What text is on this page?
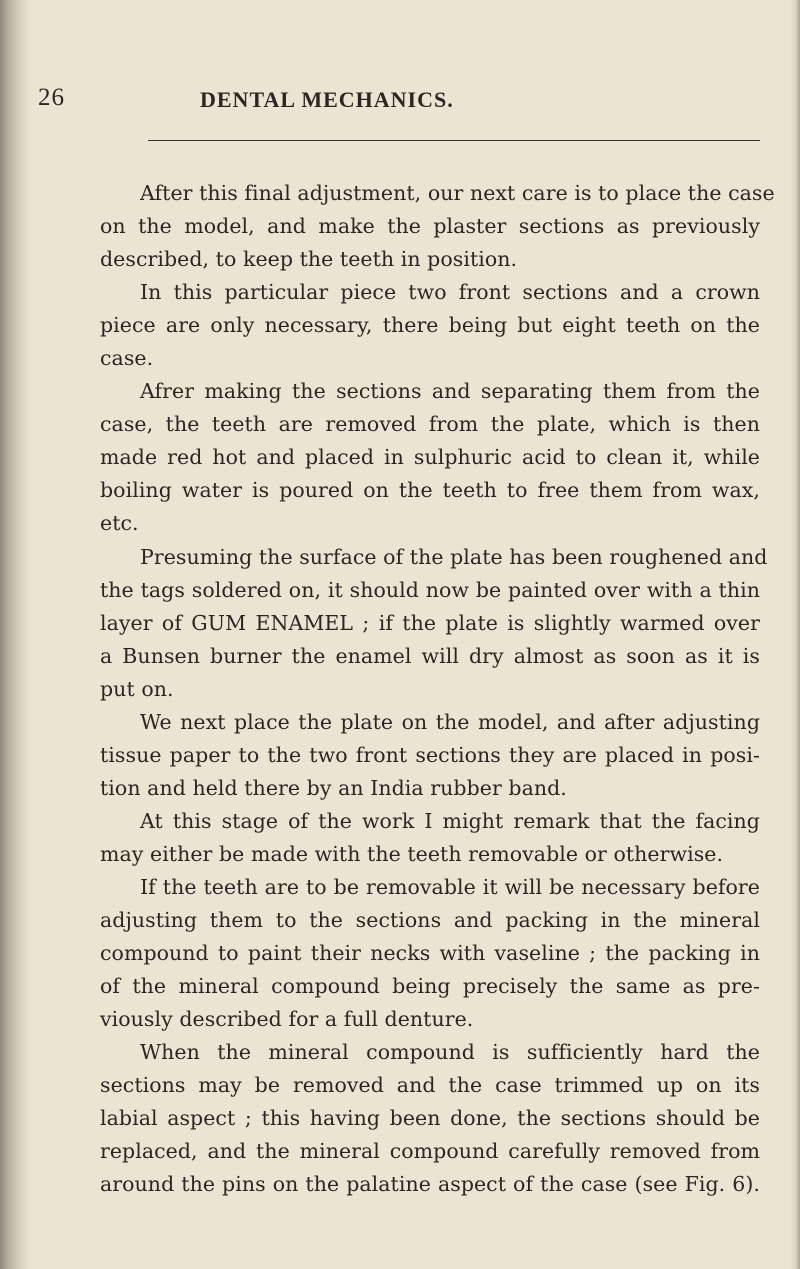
26	DENTAL MECHANICS.
After this final adjustment, our next care is to place the case
on the model, and make the plaster sections as previously
described, to keep the teeth in position.
In this particular piece two front sections and a crown
piece are only necessary, there being but eight teeth on the
case.
Afrer making the sections and separating them from the
case, the teeth are removed from the plate, which is then
made red hot and placed in sulphuric acid to clean it, while
boiling water is poured on the teeth to free them from wax,
etc.
Presuming the surface of the plate has been roughened and
the tags soldered on, it should now be painted over with a thin
layer of GUM ENAMEL ; if the plate is slightly warmed over
a Bunsen burner the enamel will dry almost as soon as it is
put on.
We next place the plate on the model, and after adjusting
tissue paper to the two front sections they are placed in posi-
tion and held there by an India rubber band.
At this stage of the work I might remark that the facing
may either be made with the teeth removable or otherwise.
If the teeth are to be removable it will be necessary before
adjusting them to the sections and packing in the mineral
compound to paint their necks with vaseline ; the packing in
of the mineral compound being precisely the same as pre-
viously described for a full denture.
When the mineral compound is sufficiently hard the
sections may be removed and the case trimmed up on its
labial aspect ; this having been done, the sections should be
replaced, and the mineral compound carefully removed from
around the pins on the palatine aspect of the case (see Fig. 6).
